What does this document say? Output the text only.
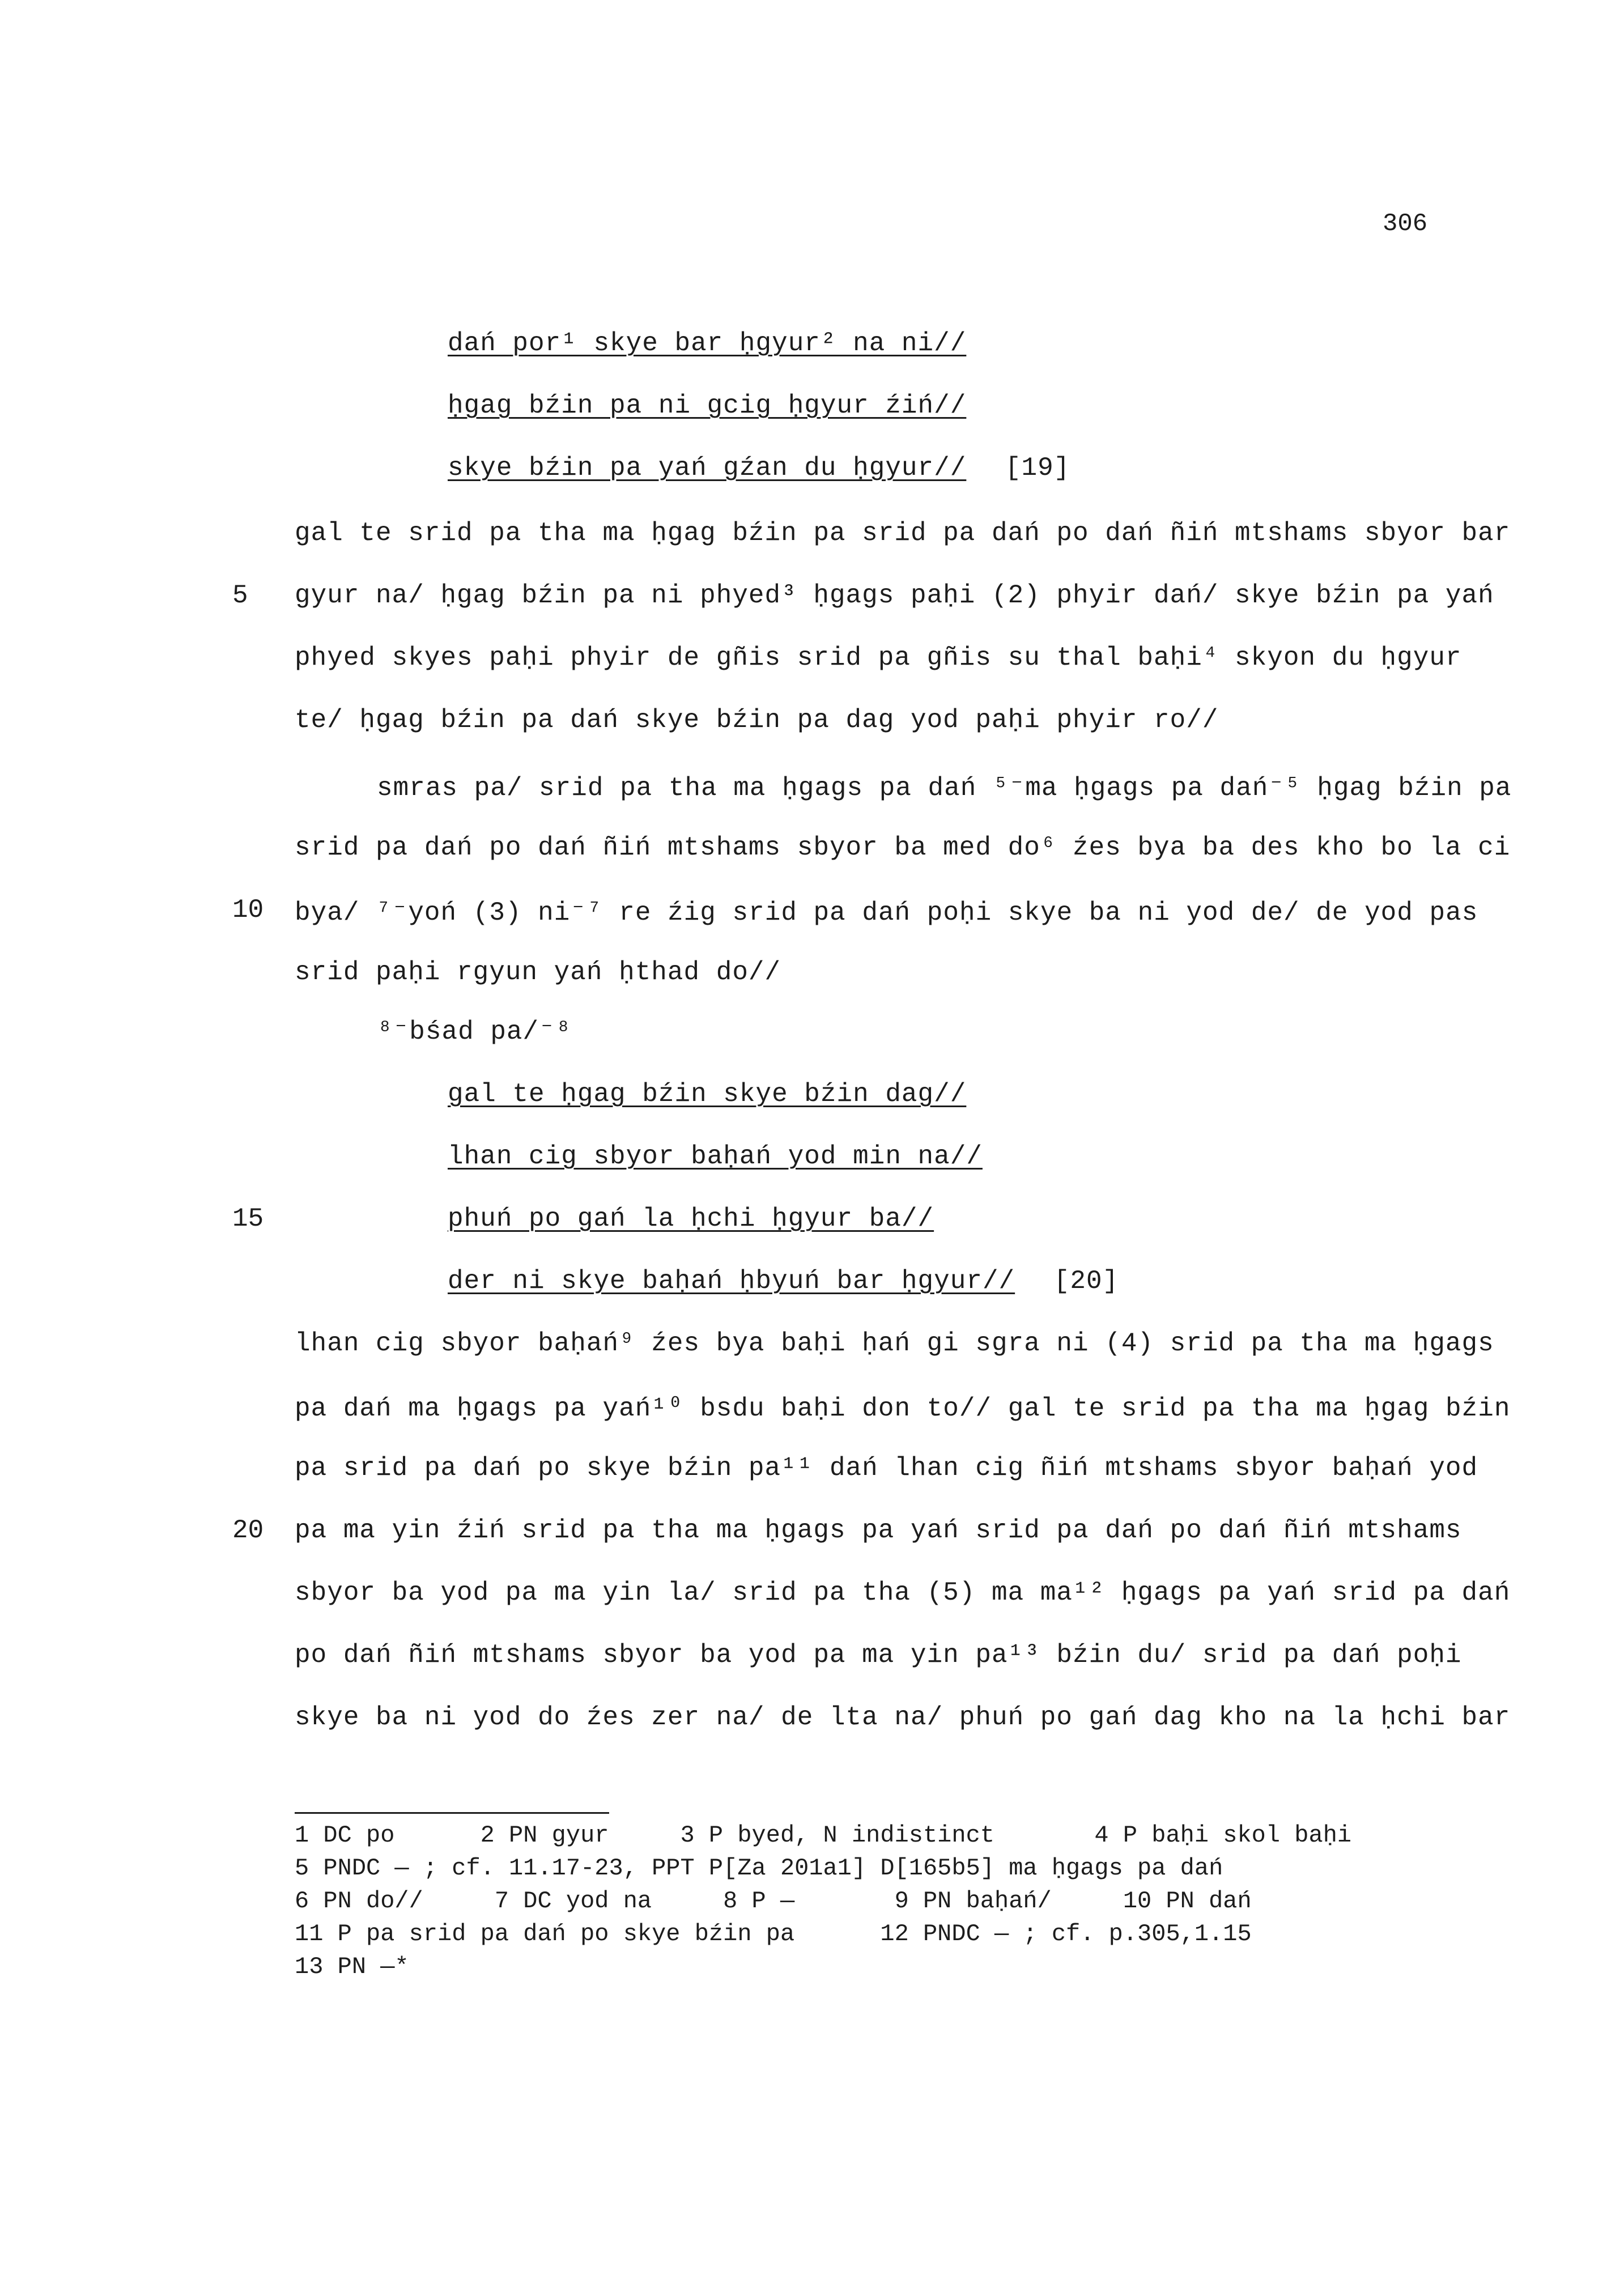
306
dań por¹ skye bar ḥgyur² na ni//
ḥgag bźin pa ni gcig ḥgyur źiń//
skye bźin pa yań gźan du ḥgyur// [19]
gal te srid pa tha ma ḥgag bźin pa srid pa dań po dań ñiń mtshams sbyor bar
5 gyur na/ ḥgag bźin pa ni phyed³ ḥgags paḥi (2) phyir dań/ skye bźin pa yań
phyed skyes paḥi phyir de gñis srid pa gñis su thal baḥi⁴ skyon du ḥgyur
te/ ḥgag bźin pa dań skye bźin pa dag yod paḥi phyir ro//
smras pa/ srid pa tha ma ḥgags pa dań ⁵⁻ma ḥgags pa dań⁻⁵ ḥgag bźin pa
srid pa dań po dań ñiń mtshams sbyor ba med do⁶ źes bya ba des kho bo la ci
10 bya/ ⁷⁻yoń (3) ni⁻⁷ re źig srid pa dań poḥi skye ba ni yod de/ de yod pas
srid paḥi rgyun yań ḥthad do//
⁸⁻bśad pa/⁻⁸
gal te ḥgag bźin skye bźin dag//
lhan cig sbyor baḥań yod min na//
15	phuń po gań la ḥchi ḥgyur ba//
der ni skye baḥań ḥbyuń bar ḥgyur// [20]
lhan cig sbyor baḥań⁹ źes bya baḥi ḥań gi sgra ni (4) srid pa tha ma ḥgags
pa dań ma ḥgags pa yań¹⁰ bsdu baḥi don to// gal te srid pa tha ma ḥgag bźin
pa srid pa dań po skye bźin pa¹¹ dań lhan cig ñiń mtshams sbyor baḥań yod
20 pa ma yin źiń srid pa tha ma ḥgags pa yań srid pa dań po dań ñiń mtshams
sbyor ba yod pa ma yin la/ srid pa tha (5) ma ma¹² ḥgags pa yań srid pa dań
po dań ñiń mtshams sbyor ba yod pa ma yin pa¹³ bźin du/ srid pa dań poḥi
skye ba ni yod do źes zer na/ de lta na/ phuń po gań dag kho na la ḥchi bar
1 DC po      2 PN gyur     3 P byed, N indistinct       4 P baḥi skol baḥi
5 PNDC — ; cf. 11.17-23, PPT P[Za 201a1] D[165b5] ma ḥgags pa dań
6 PN do//     7 DC yod na     8 P —       9 PN baḥań/     10 PN dań
11 P pa srid pa dań po skye bźin pa      12 PNDC — ; cf. p.305,1.15
13 PN —*
